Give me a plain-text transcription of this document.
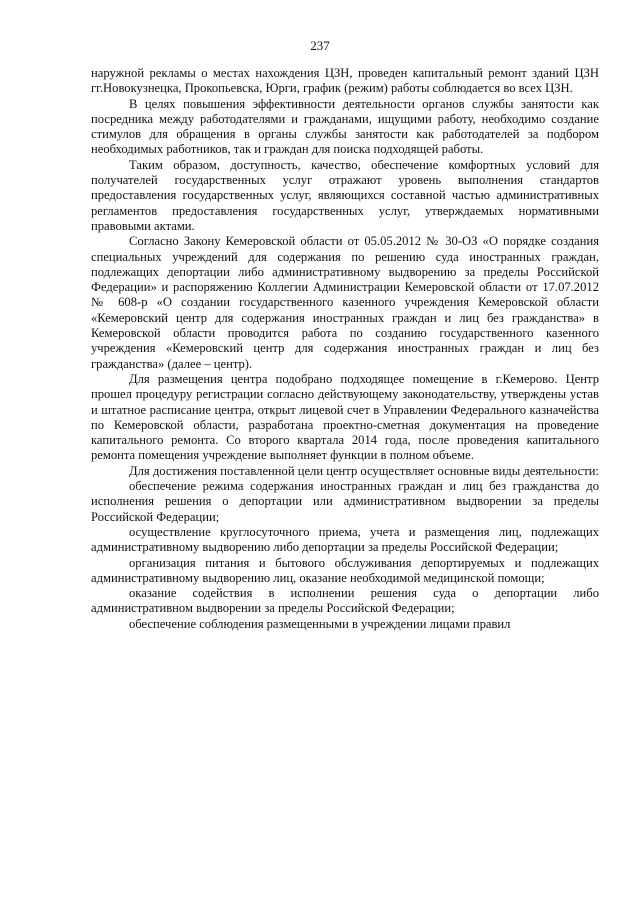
237

наружной рекламы о местах нахождения ЦЗН, проведен капитальный ремонт зданий ЦЗН гг.Новокузнецка, Прокопьевска, Юрги, график (режим) работы соблюдается во всех ЦЗН.

В целях повышения эффективности деятельности органов службы занятости как посредника между работодателями и гражданами, ищущими работу, необходимо создание стимулов для обращения в органы службы занятости как работодателей за подбором необходимых работников, так и граждан для поиска подходящей работы.

Таким образом, доступность, качество, обеспечение комфортных условий для получателей государственных услуг отражают уровень выполнения стандартов предоставления государственных услуг, являющихся составной частью административных регламентов предоставления государственных услуг, утверждаемых нормативными правовыми актами.

Согласно Закону Кемеровской области от 05.05.2012 № 30-ОЗ «О порядке создания специальных учреждений для содержания по решению суда иностранных граждан, подлежащих депортации либо административному выдворению за пределы Российской Федерации» и распоряжению Коллегии Администрации Кемеровской области от 17.07.2012 № 608-р «О создании государственного казенного учреждения Кемеровской области «Кемеровский центр для содержания иностранных граждан и лиц без гражданства» в Кемеровской области проводится работа по созданию государственного казенного учреждения «Кемеровский центр для содержания иностранных граждан и лиц без гражданства» (далее – центр).

Для размещения центра подобрано подходящее помещение в г.Кемерово. Центр прошел процедуру регистрации согласно действующему законодательству, утверждены устав и штатное расписание центра, открыт лицевой счет в Управлении Федерального казначейства по Кемеровской области, разработана проектно-сметная документация на проведение капитального ремонта. Со второго квартала 2014 года, после проведения капитального ремонта помещения учреждение выполняет функции в полном объеме.

Для достижения поставленной цели центр осуществляет основные виды деятельности:

обеспечение режима содержания иностранных граждан и лиц без гражданства до исполнения решения о депортации или административном выдворении за пределы Российской Федерации;

осуществление круглосуточного приема, учета и размещения лиц, подлежащих административному выдворению либо депортации за пределы Российской Федерации;

организация питания и бытового обслуживания депортируемых и подлежащих административному выдворению лиц, оказание необходимой медицинской помощи;

оказание содействия в исполнении решения суда о депортации либо административном выдворении за пределы Российской Федерации;

обеспечение соблюдения размещенными в учреждении лицами правил
